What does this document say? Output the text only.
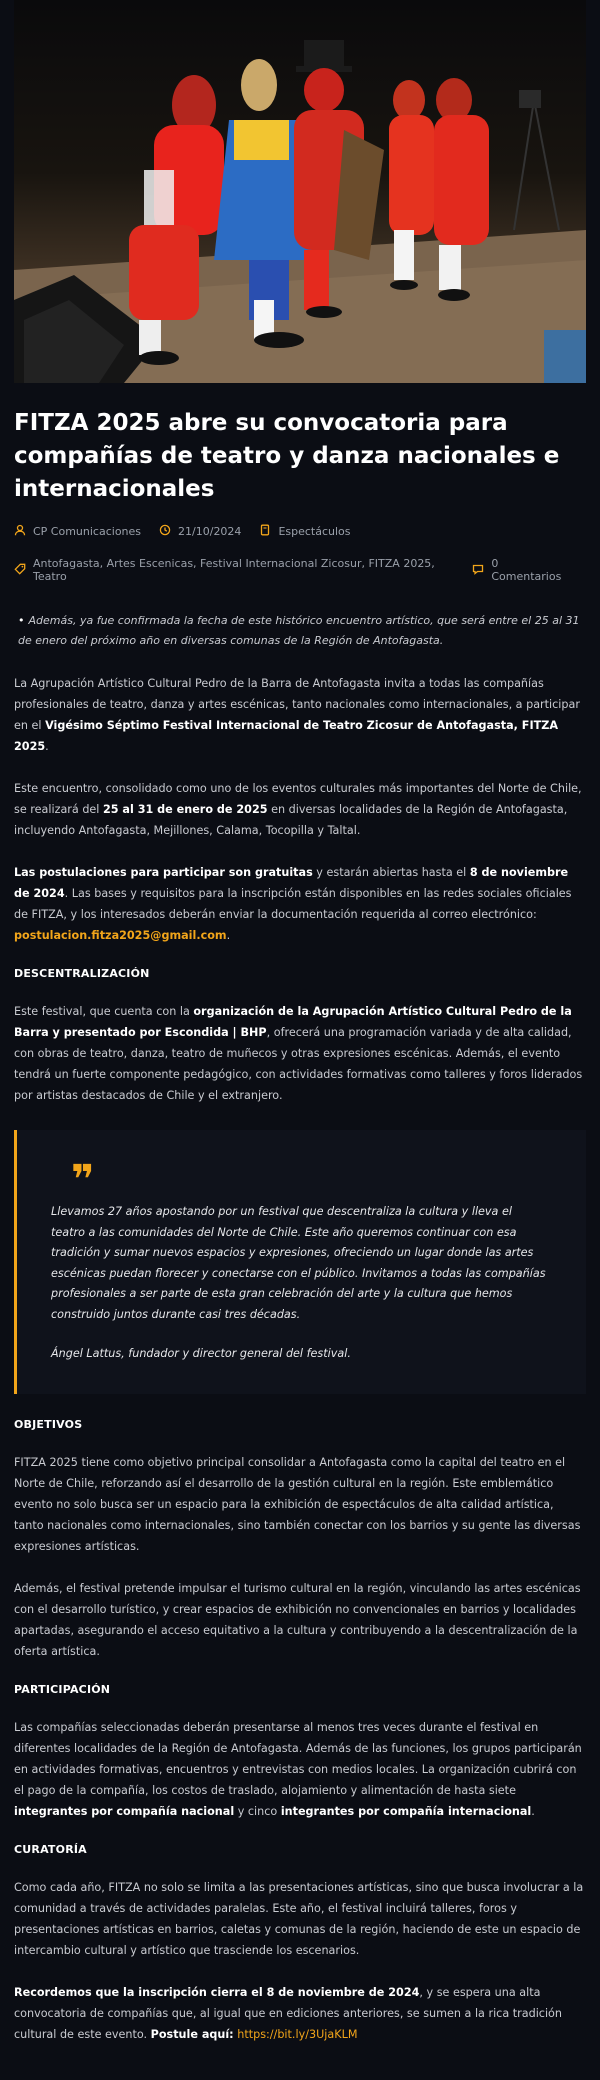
FITZA 2025 abre su convocatoria para compañías de teatro y danza nacionales e internacionales
CP Comunicaciones	21/10/2024	Espectáculos
Antofagasta, Artes Escenicas, Festival Internacional Zicosur, FITZA 2025, Teatro
0 Comentarios
• Además, ya fue confirmada la fecha de este histórico encuentro artístico, que será entre el 25 al 31 de enero del próximo año en diversas comunas de la Región de Antofagasta.

La Agrupación Artístico Cultural Pedro de la Barra de Antofagasta invita a todas las compañías profesionales de teatro, danza y artes escénicas, tanto nacionales como internacionales, a participar en el Vigésimo Séptimo Festival Internacional de Teatro Zicosur de Antofagasta, FITZA 2025.

Este encuentro, consolidado como uno de los eventos culturales más importantes del Norte de Chile, se realizará del 25 al 31 de enero de 2025 en diversas localidades de la Región de Antofagasta, incluyendo Antofagasta, Mejillones, Calama, Tocopilla y Taltal.

Las postulaciones para participar son gratuitas y estarán abiertas hasta el 8 de noviembre de 2024. Las bases y requisitos para la inscripción están disponibles en las redes sociales oficiales de FITZA, y los interesados deberán enviar la documentación requerida al correo electrónico: postulacion.fitza2025@gmail.com.

DESCENTRALIZACIÓN

Este festival, que cuenta con la organización de la Agrupación Artístico Cultural Pedro de la Barra y presentado por Escondida | BHP, ofrecerá una programación variada y de alta calidad, con obras de teatro, danza, teatro de muñecos y otras expresiones escénicas. Además, el evento tendrá un fuerte componente pedagógico, con actividades formativas como talleres y foros liderados por artistas destacados de Chile y el extranjero.

❞
Llevamos 27 años apostando por un festival que descentraliza la cultura y lleva el teatro a las comunidades del Norte de Chile. Este año queremos continuar con esa tradición y sumar nuevos espacios y expresiones, ofreciendo un lugar donde las artes escénicas puedan florecer y conectarse con el público. Invitamos a todas las compañías profesionales a ser parte de esta gran celebración del arte y la cultura que hemos construido juntos durante casi tres décadas.
Ángel Lattus, fundador y director general del festival.
OBJETIVOS

FITZA 2025 tiene como objetivo principal consolidar a Antofagasta como la capital del teatro en el Norte de Chile, reforzando así el desarrollo de la gestión cultural en la región. Este emblemático evento no solo busca ser un espacio para la exhibición de espectáculos de alta calidad artística, tanto nacionales como internacionales, sino también conectar con los barrios y su gente las diversas expresiones artísticas.

Además, el festival pretende impulsar el turismo cultural en la región, vinculando las artes escénicas con el desarrollo turístico, y crear espacios de exhibición no convencionales en barrios y localidades apartadas, asegurando el acceso equitativo a la cultura y contribuyendo a la descentralización de la oferta artística.

PARTICIPACIÓN

Las compañías seleccionadas deberán presentarse al menos tres veces durante el festival en diferentes localidades de la Región de Antofagasta. Además de las funciones, los grupos participarán en actividades formativas, encuentros y entrevistas con medios locales. La organización cubrirá con el pago de la compañía, los costos de traslado, alojamiento y alimentación de hasta siete integrantes por compañía nacional y cinco integrantes por compañía internacional.

CURATORÍA

Como cada año, FITZA no solo se limita a las presentaciones artísticas, sino que busca involucrar a la comunidad a través de actividades paralelas. Este año, el festival incluirá talleres, foros y presentaciones artísticas en barrios, caletas y comunas de la región, haciendo de este un espacio de intercambio cultural y artístico que trasciende los escenarios.

Recordemos que la inscripción cierra el 8 de noviembre de 2024, y se espera una alta convocatoria de compañías que, al igual que en ediciones anteriores, se sumen a la rica tradición cultural de este evento. Postule aquí: https://bit.ly/3UjaKLM
